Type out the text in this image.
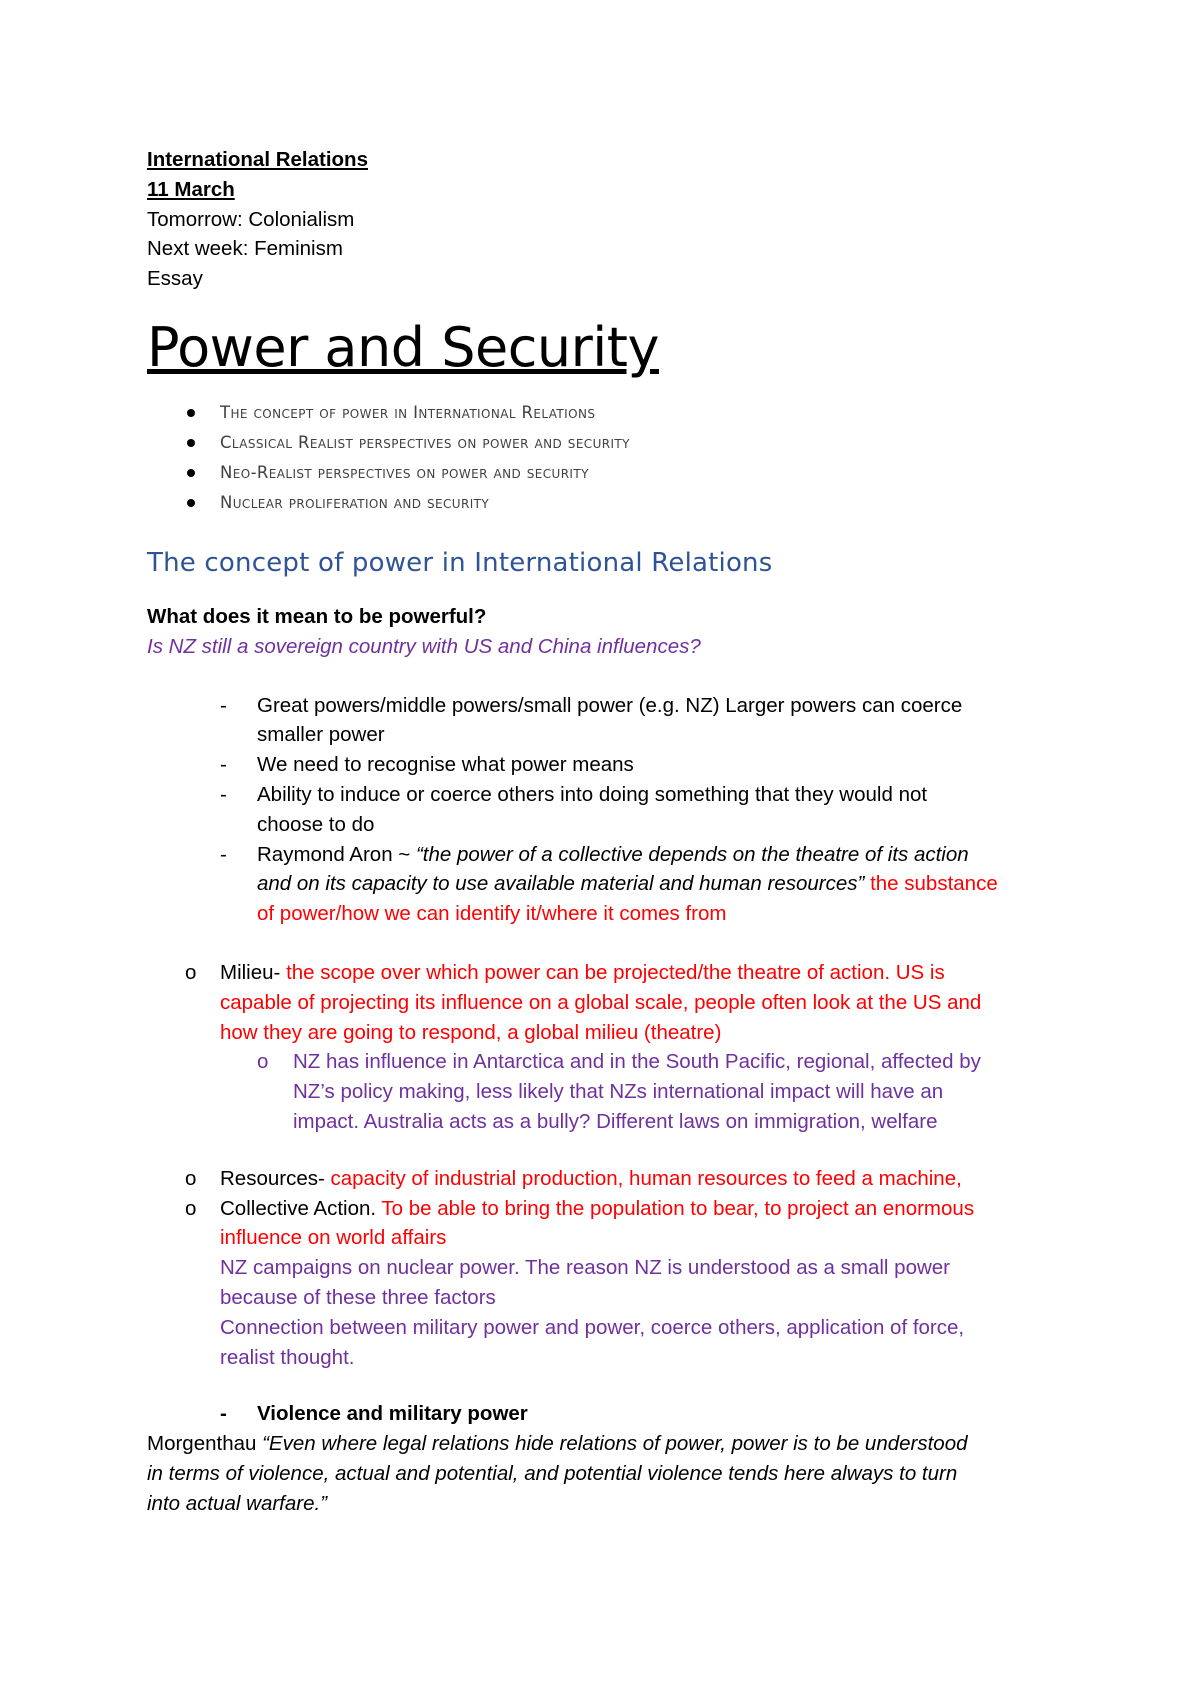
International Relations
11 March
Tomorrow: Colonialism
Next week: Feminism
Essay
Power and Security
The concept of power in International Relations
Classical Realist perspectives on power and security
Neo-Realist perspectives on power and security
Nuclear proliferation and security
The concept of power in International Relations
What does it mean to be powerful?
Is NZ still a sovereign country with US and China influences?
- Great powers/middle powers/small power (e.g. NZ) Larger powers can coerce
smaller power
- We need to recognise what power means
- Ability to induce or coerce others into doing something that they would not
choose to do
- Raymond Aron ~ “the power of a collective depends on the theatre of its action
and on its capacity to use available material and human resources” the substance
of power/how we can identify it/where it comes from
o Milieu- the scope over which power can be projected/the theatre of action. US is
capable of projecting its influence on a global scale, people often look at the US and
how they are going to respond, a global milieu (theatre)
o NZ has influence in Antarctica and in the South Pacific, regional, affected by
NZ’s policy making, less likely that NZs international impact will have an
impact. Australia acts as a bully? Different laws on immigration, welfare
o Resources- capacity of industrial production, human resources to feed a machine,
o Collective Action. To be able to bring the population to bear, to project an enormous
influence on world affairs
NZ campaigns on nuclear power. The reason NZ is understood as a small power
because of these three factors
Connection between military power and power, coerce others, application of force,
realist thought.
- Violence and military power
Morgenthau “Even where legal relations hide relations of power, power is to be understood
in terms of violence, actual and potential, and potential violence tends here always to turn
into actual warfare.”
